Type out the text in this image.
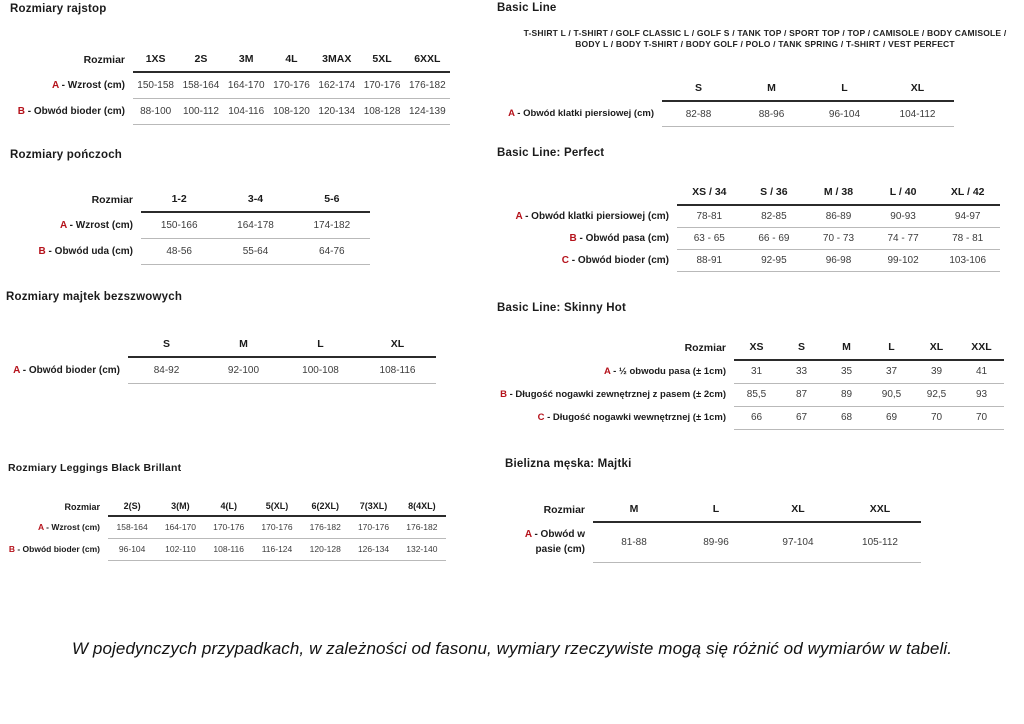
Rozmiary rajstop
Rozmiar	1XS	2S	3M	4L	3MAX	5XL	6XXL
A - Wzrost (cm)	150-158	158-164	164-170	170-176	162-174	170-176	176-182
B - Obwód bioder (cm)	88-100	100-112	104-116	108-120	120-134	108-128	124-139
Rozmiary pończoch
Rozmiar	1-2	3-4	5-6
A - Wzrost (cm)	150-166	164-178	174-182
B - Obwód uda (cm)	48-56	55-64	64-76
Rozmiary majtek bezszwowych
	S	M	L	XL
A - Obwód bioder (cm)	84-92	92-100	100-108	108-116
Rozmiary Leggings Black Brillant
Rozmiar	2(S)	3(M)	4(L)	5(XL)	6(2XL)	7(3XL)	8(4XL)
A - Wzrost (cm)	158-164	164-170	170-176	170-176	176-182	170-176	176-182
B - Obwód bioder (cm)	96-104	102-110	108-116	116-124	120-128	126-134	132-140
Basic Line

T-SHIRT L / T-SHIRT / GOLF CLASSIC L / GOLF S / TANK TOP / SPORT TOP / TOP / CAMISOLE / BODY CAMISOLE / BODY L / BODY T-SHIRT / BODY GOLF / POLO / TANK SPRING / T-SHIRT / VEST PERFECT

	S	M	L	XL
A - Obwód klatki piersiowej (cm)	82-88	88-96	96-104	104-112
Basic Line: Perfect
	XS / 34	S / 36	M / 38	L / 40	XL / 42
A - Obwód klatki piersiowej (cm)	78-81	82-85	86-89	90-93	94-97
B - Obwód pasa (cm)	63 - 65	66 - 69	70 - 73	74 - 77	78 - 81
C - Obwód bioder (cm)	88-91	92-95	96-98	99-102	103-106
Basic Line: Skinny Hot
Rozmiar	XS	S	M	L	XL	XXL
A - ½ obwodu pasa (± 1cm)	31	33	35	37	39	41
B - Długość nogawki zewnętrznej z pasem (± 2cm)	85,5	87	89	90,5	92,5	93
C - Długość nogawki wewnętrznej (± 1cm)	66	67	68	69	70	70
Bielizna męska: Majtki
Rozmiar	M	L	XL	XXL
A - Obwód w pasie (cm)	81-88	89-96	97-104	105-112

W pojedynczych przypadkach, w zależności od fasonu, wymiary rzeczywiste mogą się różnić od wymiarów w tabeli.
